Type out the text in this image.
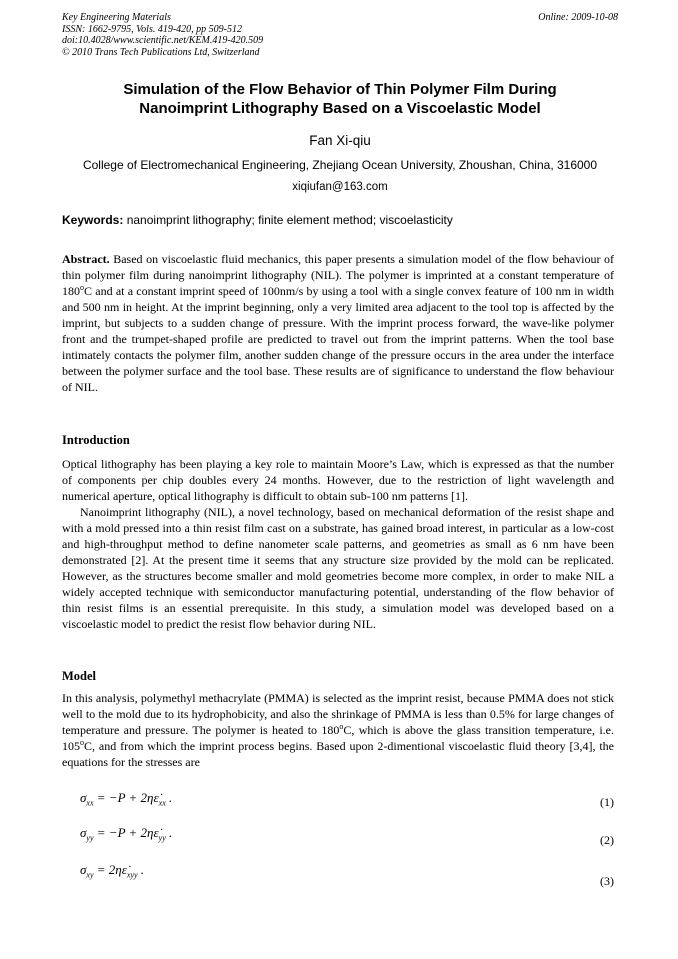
Key Engineering Materials
ISSN: 1662-9795, Vols. 419-420, pp 509-512
doi:10.4028/www.scientific.net/KEM.419-420.509
© 2010 Trans Tech Publications Ltd, Switzerland
Online: 2009-10-08
Simulation of the Flow Behavior of Thin Polymer Film During
Nanoimprint Lithography Based on a Viscoelastic Model
Fan Xi-qiu
College of Electromechanical Engineering, Zhejiang Ocean University, Zhoushan, China, 316000
xiqiufan@163.com
Keywords: nanoimprint lithography; finite element method; viscoelasticity
Abstract. Based on viscoelastic fluid mechanics, this paper presents a simulation model of the flow behaviour of thin polymer film during nanoimprint lithography (NIL). The polymer is imprinted at a constant temperature of 180$^o$C and at a constant imprint speed of 100nm/s by using a tool with a single convex feature of 100 nm in width and 500 nm in height. At the imprint beginning, only a very limited area adjacent to the tool top is affected by the imprint, but subjects to a sudden change of pressure. With the imprint process forward, the wave-like polymer front and the trumpet-shaped profile are predicted to travel out from the imprint patterns. When the tool base intimately contacts the polymer film, another sudden change of the pressure occurs in the area under the interface between the polymer surface and the tool base. These results are of significance to understand the flow behaviour of NIL.
Introduction
Optical lithography has been playing a key role to maintain Moore’s Law, which is expressed as that the number of components per chip doubles every 24 months. However, due to the restriction of light wavelength and numerical aperture, optical lithography is difficult to obtain sub-100 nm patterns [1].
Nanoimprint lithography (NIL), a novel technology, based on mechanical deformation of the resist shape and with a mold pressed into a thin resist film cast on a substrate, has gained broad interest, in particular as a low-cost and high-throughput method to define nanometer scale patterns, and geometries as small as 6 nm have been demonstrated [2]. At the present time it seems that any structure size provided by the mold can be replicated. However, as the structures become smaller and mold geometries become more complex, in order to make NIL a widely accepted technique with semiconductor manufacturing potential, understanding of the flow behavior of thin resist films is an essential prerequisite. In this study, a simulation model was developed based on a viscoelastic model to predict the resist flow behavior during NIL.
Model
In this analysis, polymethyl methacrylate (PMMA) is selected as the imprint resist, because PMMA does not stick well to the mold due to its hydrophobicity, and also the shrinkage of PMMA is less than 0.5% for large changes of temperature and pressure. The polymer is heated to 180$^o$C, which is above the glass transition temperature, i.e. 105$^o$C, and from which the imprint process begins. Based upon 2-dimentional viscoelastic fluid theory [3,4], the equations for the stresses are
$\sigma_{xx} = -P$ + $2\eta\varepsiloṅ_{xx}$ .	(1)
$\sigma_{yy} = -P$ + $2\eta\varepsiloṅ_{yy}$ .	(2)
$\sigma_{xy}$ = $2\eta\varepsiloṅ_{xyy}$ .
(3)
